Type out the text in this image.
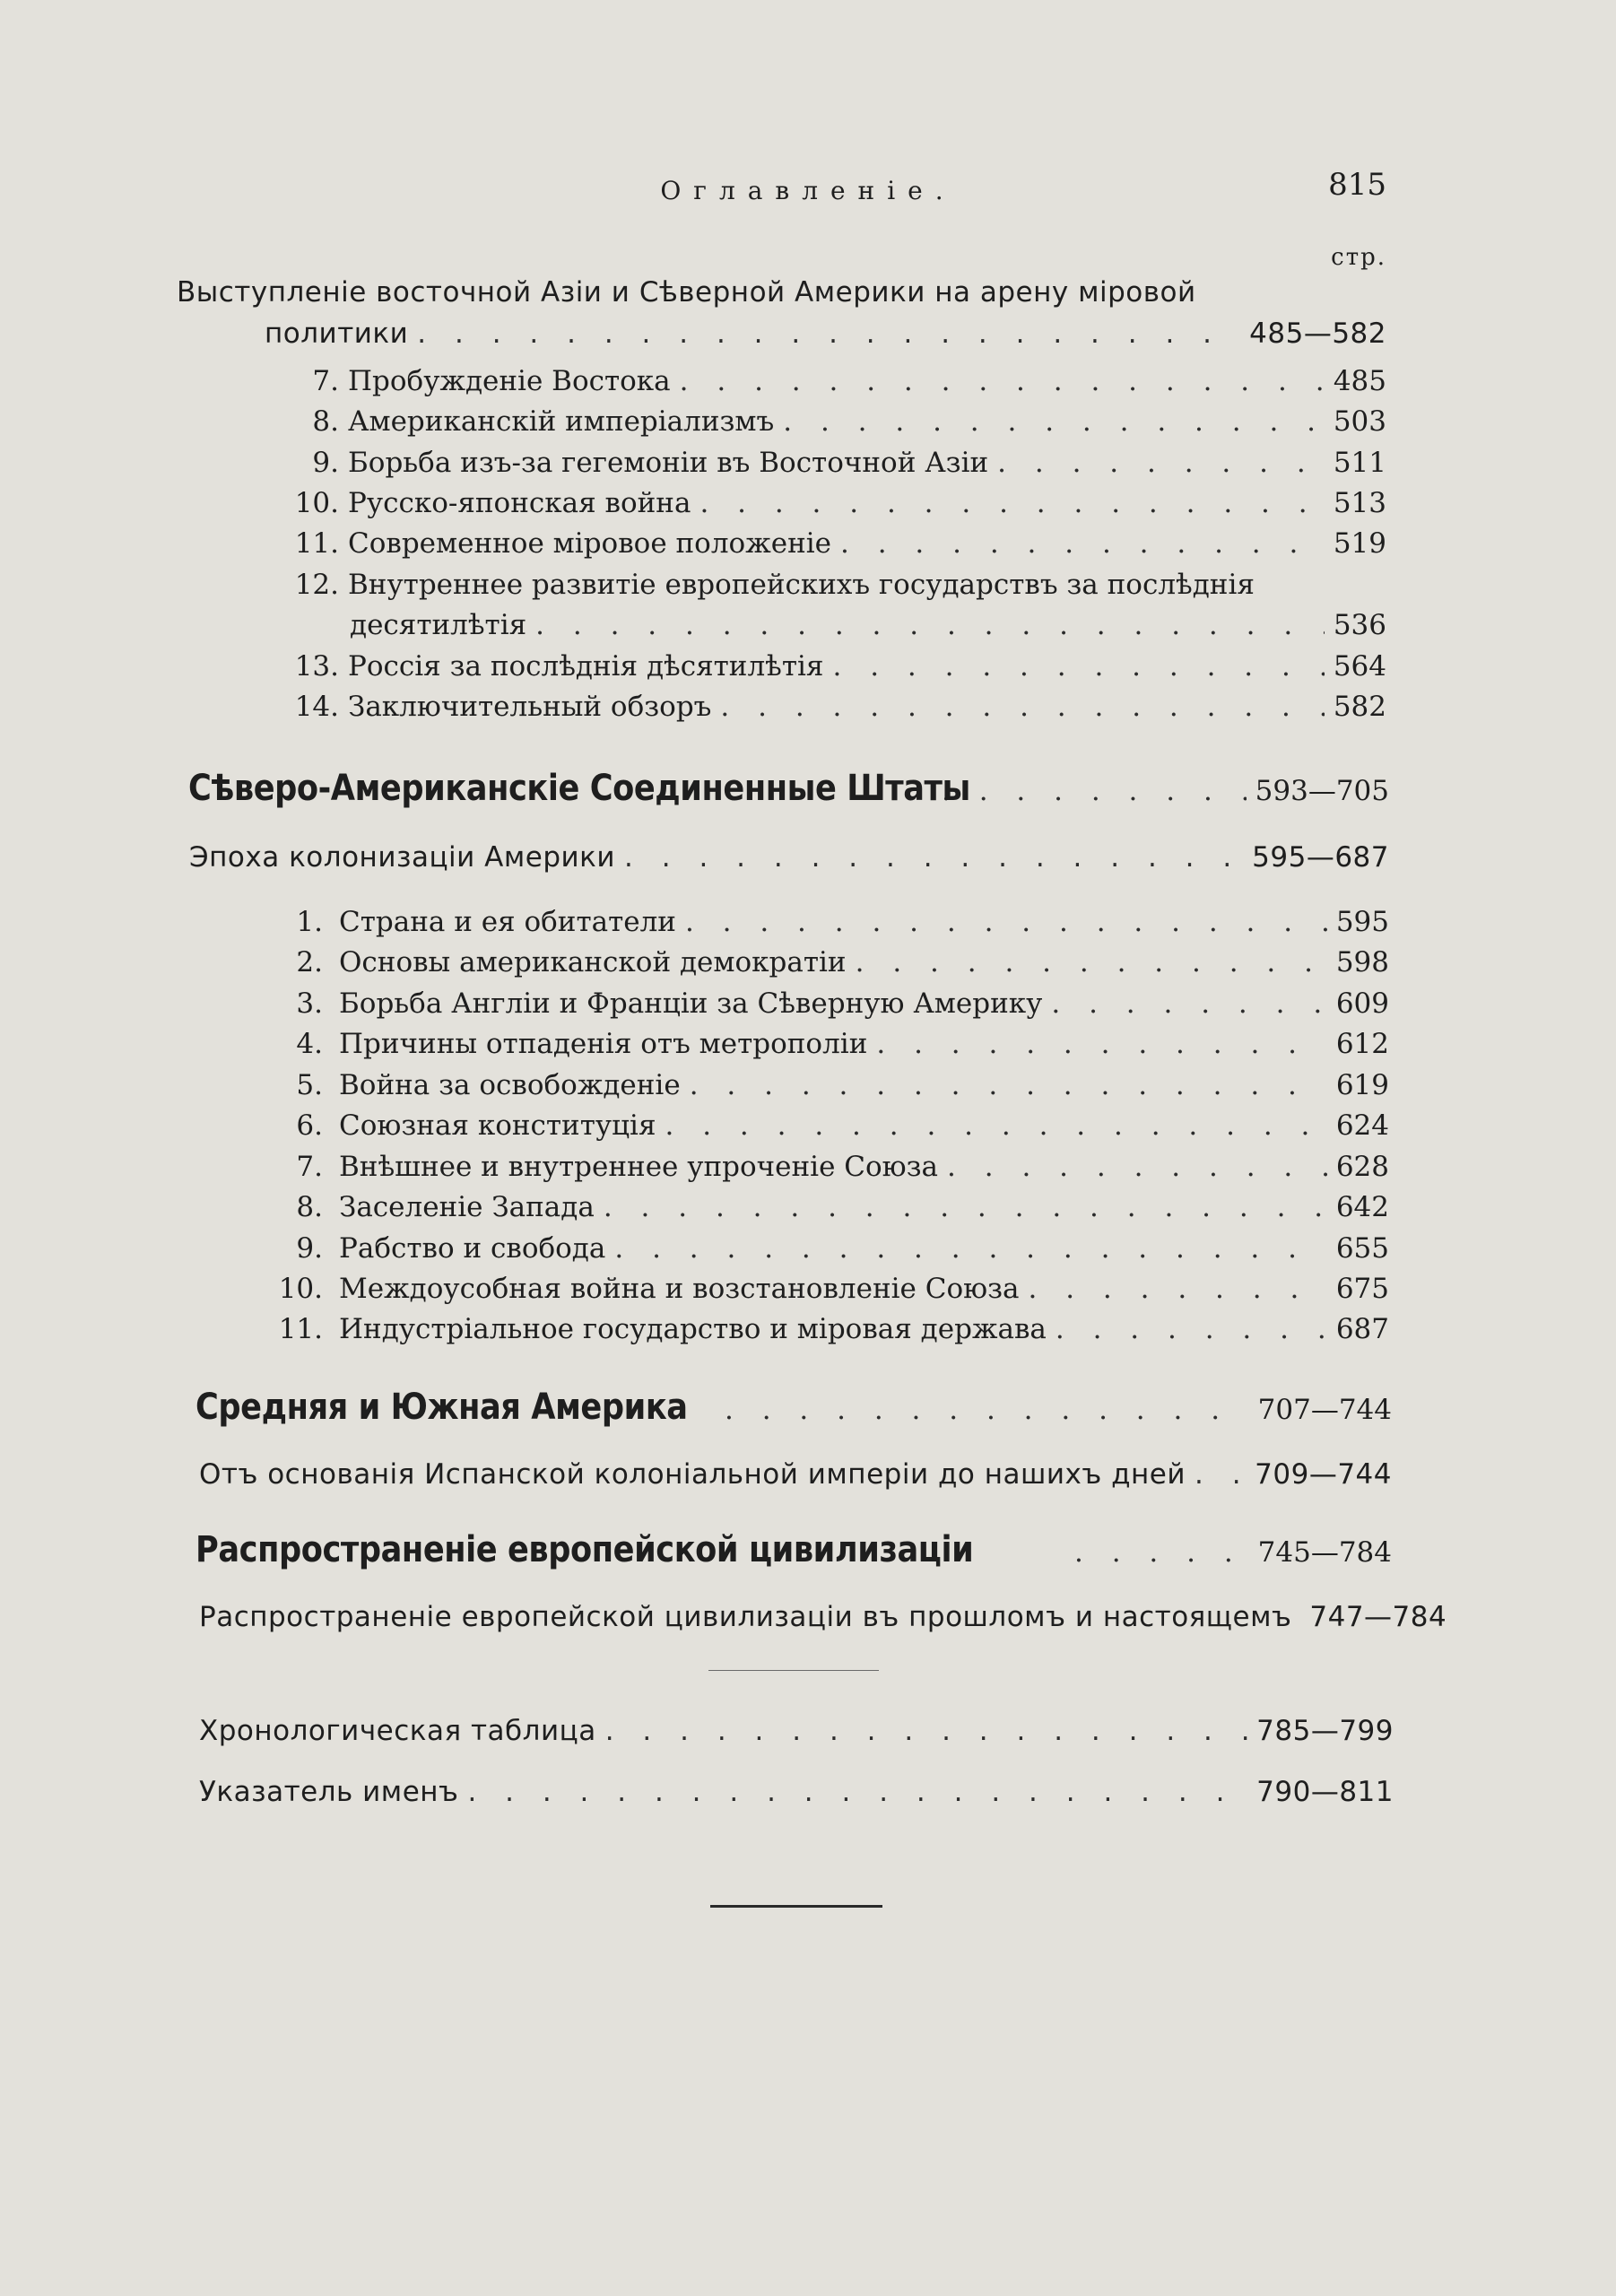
Оглавленіе.	815
стр.
Выступленіе восточной Азіи и Сѣверной Америки на арену міровой
политики . . .	485—582
7. Пробужденіе Востока . . .	485
8. Американскій имперіализмъ . . .	503
9. Борьба изъ-за гегемоніи въ Восточной Азіи . . .	511
10. Русско-японская война . . .	513
11. Современное міровое положеніе . . .	519
12. Внутреннее развитіе европейскихъ государствъ за послѣднія
десятилѣтія . . .	536
13. Россія за послѣднія дѣсятилѣтія . . .	564
14. Заключительный обзоръ . . .	582
Сѣверо-Американскіе Соединенные Штаты . . .	593—705
Эпоха колонизаціи Америки . . .	595—687
1. Страна и ея обитатели . . .	595
2. Основы американской демократіи . . .	598
3. Борьба Англіи и Франціи за Сѣверную Америку . . .	609
4. Причины отпаденія отъ метрополіи . . .	612
5. Война за освобожденіе . . .	619
6. Союзная конституція . . .	624
7. Внѣшнее и внутреннее упроченіе Союза . . .	628
8. Заселеніе Запада . . .	642
9. Рабство и свобода . . .	655
10. Междоусобная война и возстановленіе Союза . . .	675
11. Индустріальное государство и міровая держава . . .	687
Средняя и Южная Америка . . .	707—744
Отъ основанія Испанской колоніальной имперіи до нашихъ дней . . . 709—744
Распространеніе европейской цивилизаціи . . .	745—784
Распространеніе европейской цивилизаціи въ прошломъ и настоящемъ 747—784
Хронологическая таблица . . .	785—799
Указатель именъ . . .	790—811
